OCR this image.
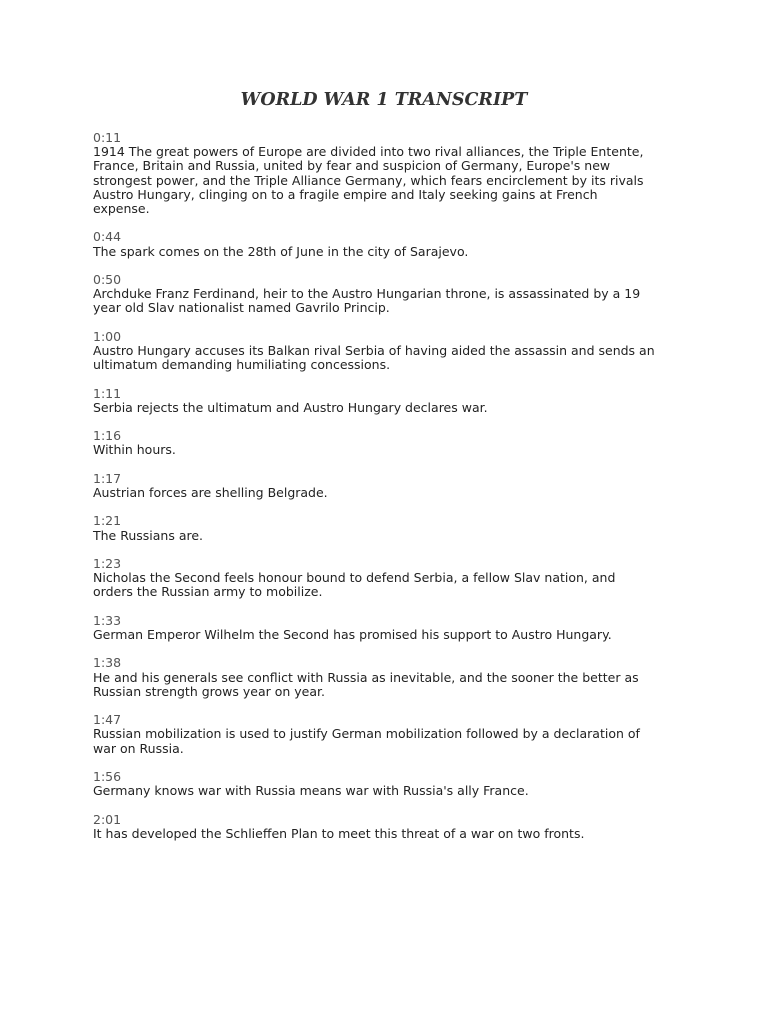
WORLD WAR 1 TRANSCRIPT
0:11
1914 The great powers of Europe are divided into two rival alliances, the Triple Entente,
France, Britain and Russia, united by fear and suspicion of Germany, Europe's new
strongest power, and the Triple Alliance Germany, which fears encirclement by its rivals
Austro Hungary, clinging on to a fragile empire and Italy seeking gains at French
expense.
0:44
The spark comes on the 28th of June in the city of Sarajevo.
0:50
Archduke Franz Ferdinand, heir to the Austro Hungarian throne, is assassinated by a 19
year old Slav nationalist named Gavrilo Princip.
1:00
Austro Hungary accuses its Balkan rival Serbia of having aided the assassin and sends an
ultimatum demanding humiliating concessions.
1:11
Serbia rejects the ultimatum and Austro Hungary declares war.
1:16
Within hours.
1:17
Austrian forces are shelling Belgrade.
1:21
The Russians are.
1:23
Nicholas the Second feels honour bound to defend Serbia, a fellow Slav nation, and
orders the Russian army to mobilize.
1:33
German Emperor Wilhelm the Second has promised his support to Austro Hungary.
1:38
He and his generals see conflict with Russia as inevitable, and the sooner the better as
Russian strength grows year on year.
1:47
Russian mobilization is used to justify German mobilization followed by a declaration of
war on Russia.
1:56
Germany knows war with Russia means war with Russia's ally France.
2:01
It has developed the Schlieffen Plan to meet this threat of a war on two fronts.
